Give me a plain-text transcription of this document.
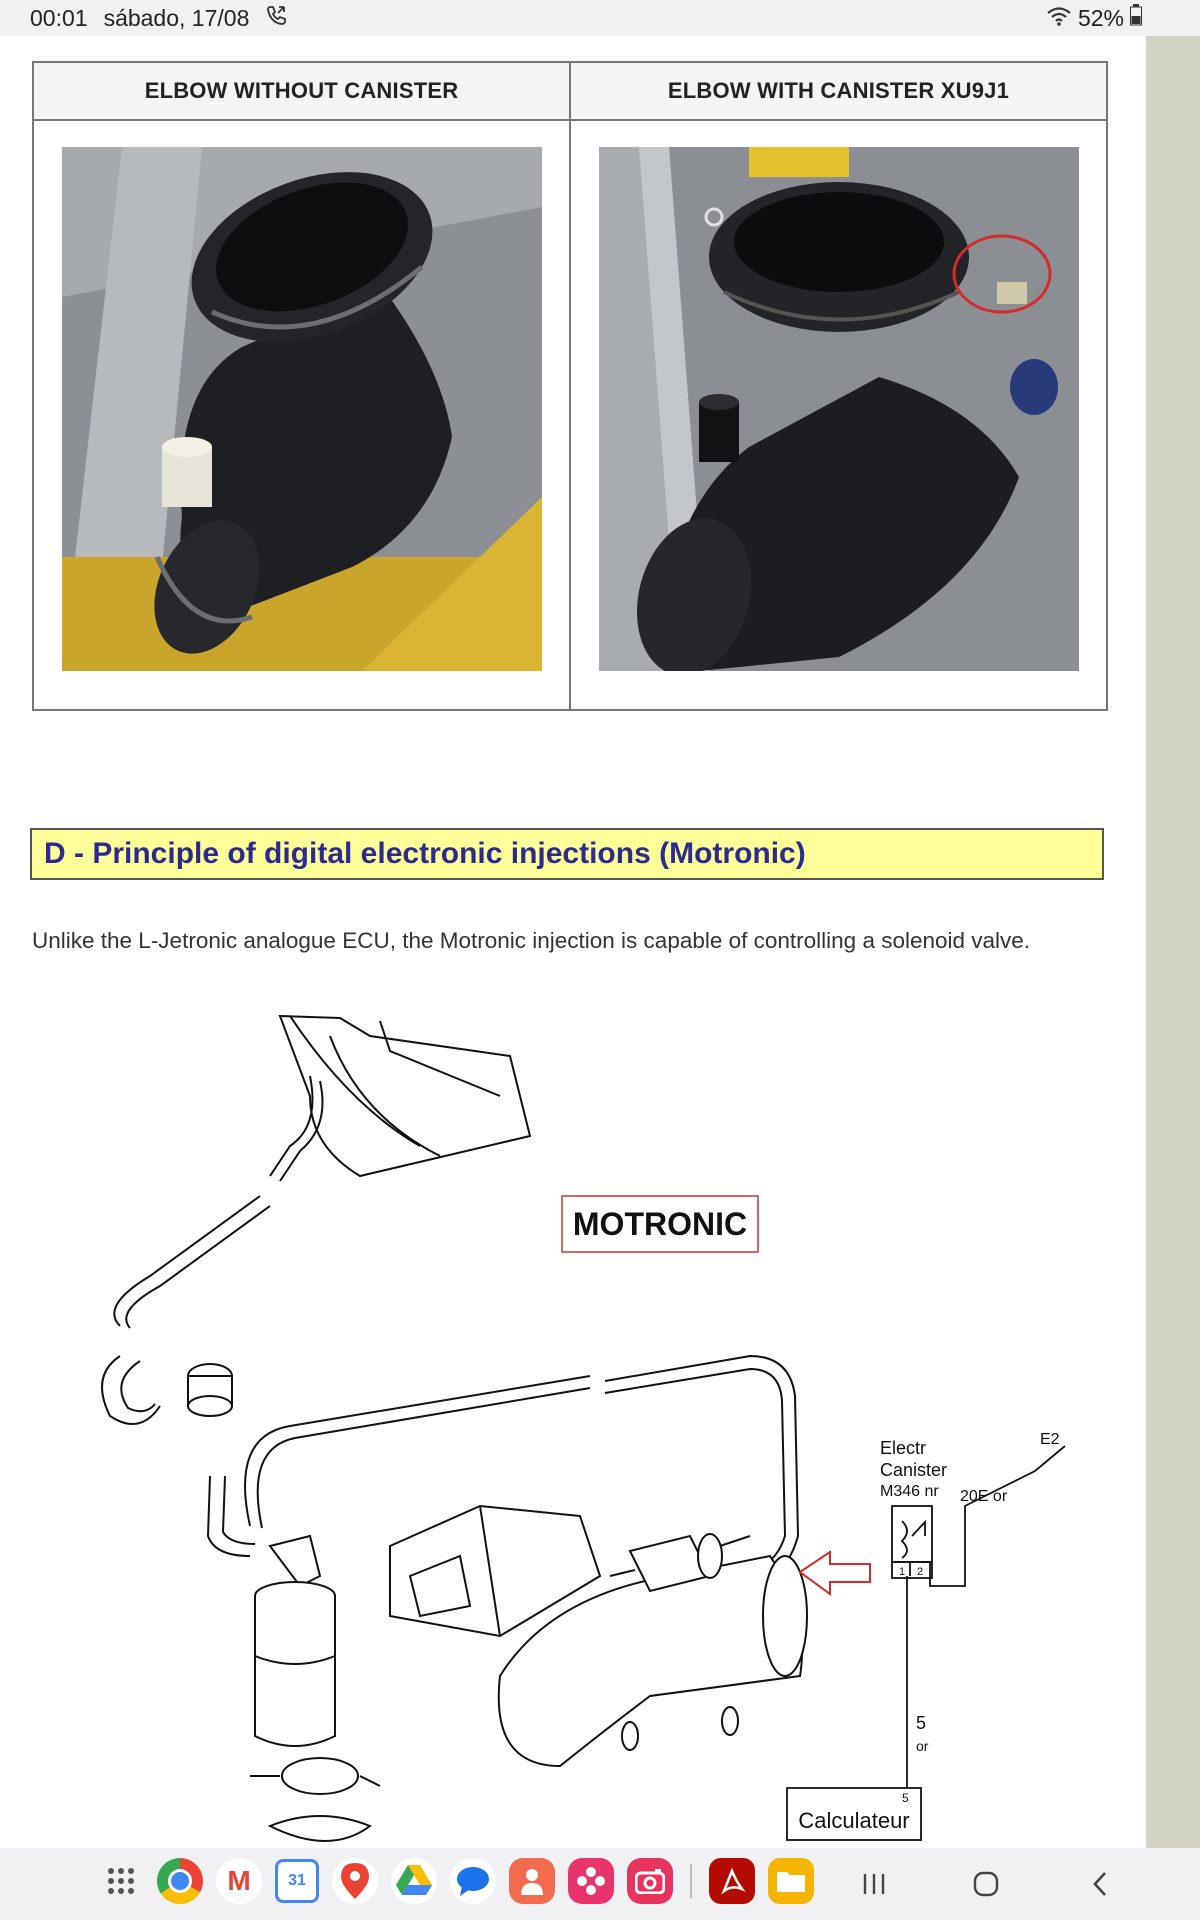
00:01 sábado, 17/08	52%
ELBOW WITHOUT CANISTER	ELBOW WITH CANISTER XU9J1

D - Principle of digital electronic injections (Motronic)
Unlike the L-Jetronic analogue ECU, the Motronic injection is capable of controlling a solenoid valve.
MOTRONIC
Electr
Canister
M346 nr 20E or
E2
1 2
5
or
5
Calculateur
M	31
